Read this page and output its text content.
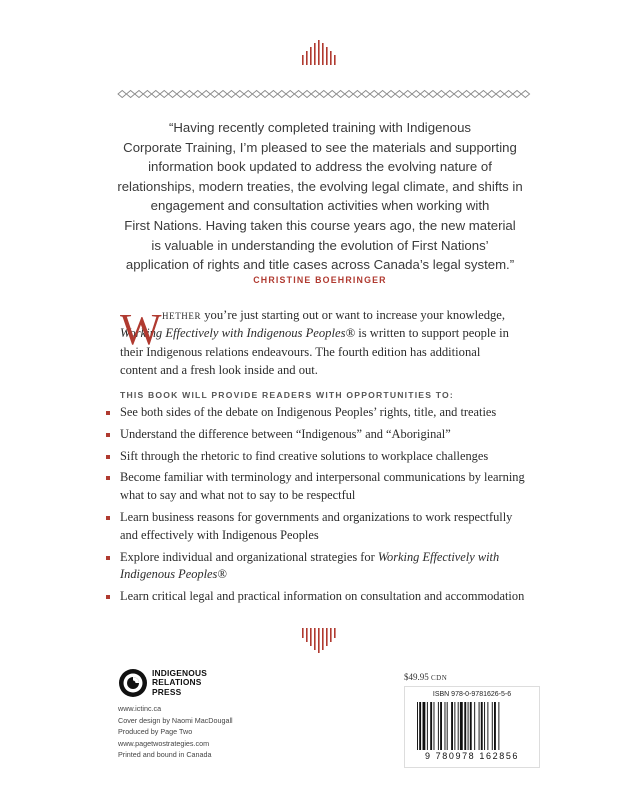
“Having recently completed training with Indigenous
Corporate Training, I’m pleased to see the materials and supporting
information book updated to address the evolving nature of
relationships, modern treaties, the evolving legal climate, and shifts in
engagement and consultation activities when working with
First Nations. Having taken this course years ago, the new material
is valuable in understanding the evolution of First Nations’
application of rights and title cases across Canada’s legal system.”
CHRISTINE BOEHRINGER
W hether you’re just starting out or want to increase your knowledge, Working Effectively with Indigenous Peoples® is written to support people in their Indigenous relations endeavours. The fourth edition has additional content and a fresh look inside and out.

THIS BOOK WILL PROVIDE READERS WITH OPPORTUNITIES TO:
See both sides of the debate on Indigenous Peoples’ rights, title, and treaties
Understand the difference between “Indigenous” and “Aboriginal”
Sift through the rhetoric to find creative solutions to workplace challenges
Become familiar with terminology and interpersonal communications by learning what to say and what not to say to be respectful
Learn business reasons for governments and organizations to work respectfully and effectively with Indigenous Peoples
Explore individual and organizational strategies for Working Effectively with Indigenous Peoples®
Learn critical legal and practical information on consultation and accommodation
INDIGENOUS
RELATIONS
PRESS
www.ictinc.ca
Cover design by Naomi MacDougall
Produced by Page Two
www.pagetwostrategies.com
Printed and bound in Canada
$49.95 CDN
ISBN 978-0-9781626-5-6
9 780978 162856
